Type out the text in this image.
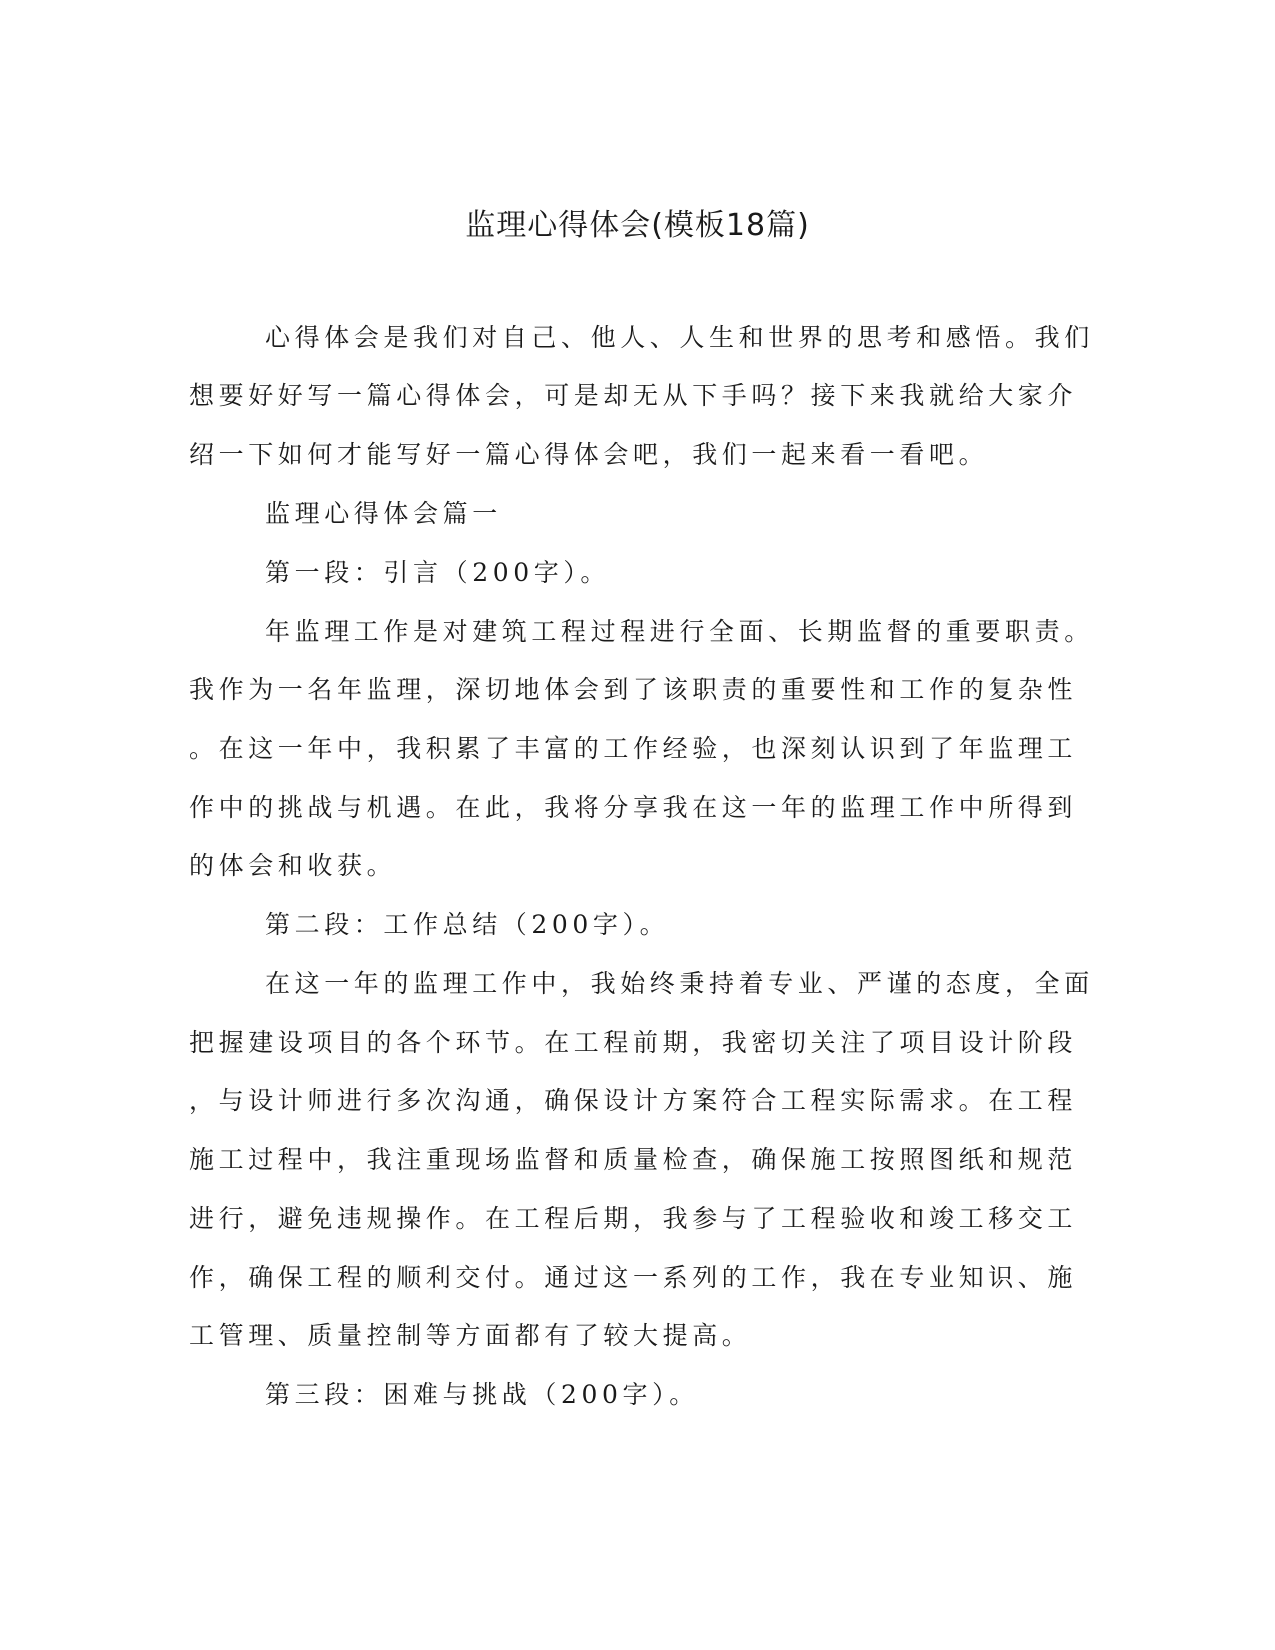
监理心得体会(模板18篇)
心得体会是我们对自己、他人、人生和世界的思考和感悟。我们
想要好好写一篇心得体会，可是却无从下手吗？接下来我就给大家介
绍一下如何才能写好一篇心得体会吧，我们一起来看一看吧。
监理心得体会篇一
第一段：引言（200字）。
年监理工作是对建筑工程过程进行全面、长期监督的重要职责。
我作为一名年监理，深切地体会到了该职责的重要性和工作的复杂性
。在这一年中，我积累了丰富的工作经验，也深刻认识到了年监理工
作中的挑战与机遇。在此，我将分享我在这一年的监理工作中所得到
的体会和收获。
第二段：工作总结（200字）。
在这一年的监理工作中，我始终秉持着专业、严谨的态度，全面
把握建设项目的各个环节。在工程前期，我密切关注了项目设计阶段
，与设计师进行多次沟通，确保设计方案符合工程实际需求。在工程
施工过程中，我注重现场监督和质量检查，确保施工按照图纸和规范
进行，避免违规操作。在工程后期，我参与了工程验收和竣工移交工
作，确保工程的顺利交付。通过这一系列的工作，我在专业知识、施
工管理、质量控制等方面都有了较大提高。
第三段：困难与挑战（200字）。
